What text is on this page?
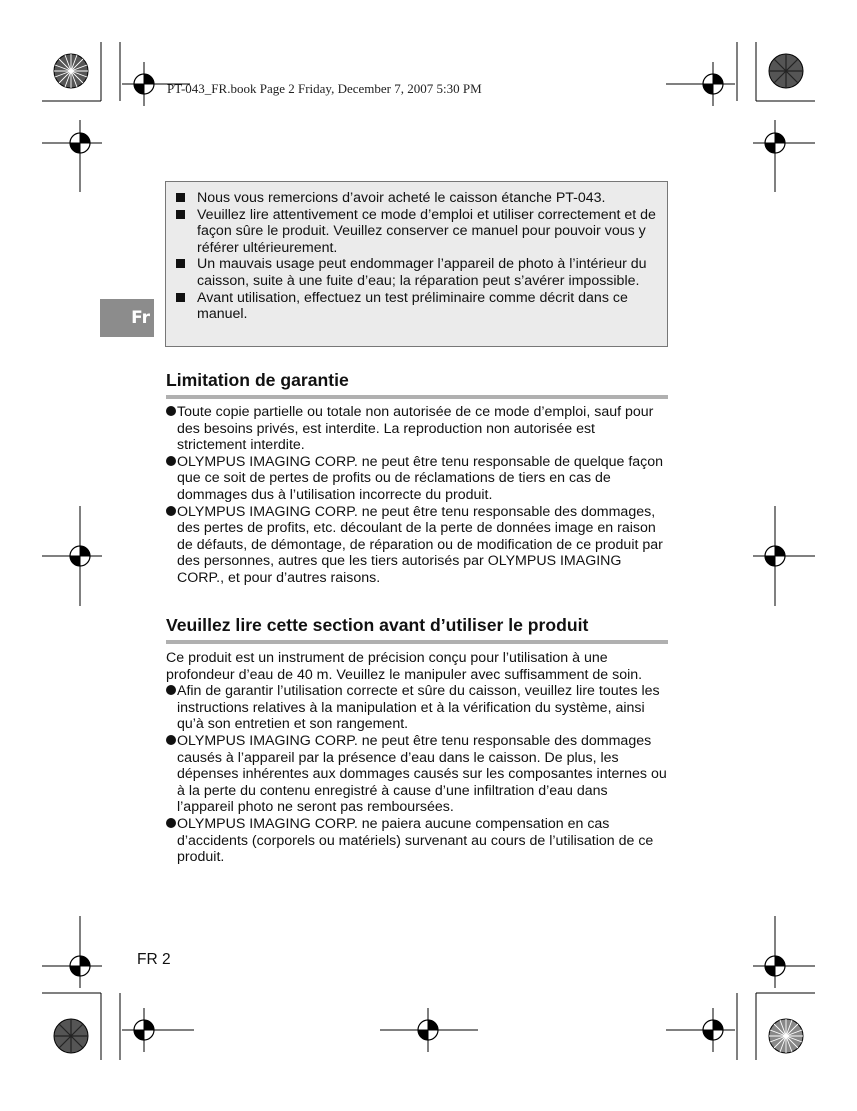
PT-043_FR.book Page 2 Friday, December 7, 2007 5:30 PM
Fr
Nous vous remercions d’avoir acheté le caisson étanche PT-043.
Veuillez lire attentivement ce mode d’emploi et utiliser correctement et de façon sûre le produit. Veuillez conserver ce manuel pour pouvoir vous y référer ultérieurement.
Un mauvais usage peut endommager l’appareil de photo à l’intérieur du caisson, suite à une fuite d’eau; la réparation peut s’avérer impossible.
Avant utilisation, effectuez un test préliminaire comme décrit dans ce manuel.
Limitation de garantie
Toute copie partielle ou totale non autorisée de ce mode d’emploi, sauf pour des besoins privés, est interdite. La reproduction non autorisée est strictement interdite.
OLYMPUS IMAGING CORP. ne peut être tenu responsable de quelque façon que ce soit de pertes de profits ou de réclamations de tiers en cas de dommages dus à l’utilisation incorrecte du produit.
OLYMPUS IMAGING CORP. ne peut être tenu responsable des dommages, des pertes de profits, etc. découlant de la perte de données image en raison de défauts, de démontage, de réparation ou de modification de ce produit par des personnes, autres que les tiers autorisés par OLYMPUS IMAGING CORP., et pour d’autres raisons.
Veuillez lire cette section avant d’utiliser le produit

Ce produit est un instrument de précision conçu pour l’utilisation à une profondeur d’eau de 40 m. Veuillez le manipuler avec suffisamment de soin.

Afin de garantir l’utilisation correcte et sûre du caisson, veuillez lire toutes les instructions relatives à la manipulation et à la vérification du système, ainsi qu’à son entretien et son rangement.
OLYMPUS IMAGING CORP. ne peut être tenu responsable des dommages causés à l’appareil par la présence d’eau dans le caisson. De plus, les dépenses inhérentes aux dommages causés sur les composantes internes ou à la perte du contenu enregistré à cause d’une infiltration d’eau dans l’appareil photo ne seront pas remboursées.
OLYMPUS IMAGING CORP. ne paiera aucune compensation en cas d’accidents (corporels ou matériels) survenant au cours de l’utilisation de ce produit.
FR 2
